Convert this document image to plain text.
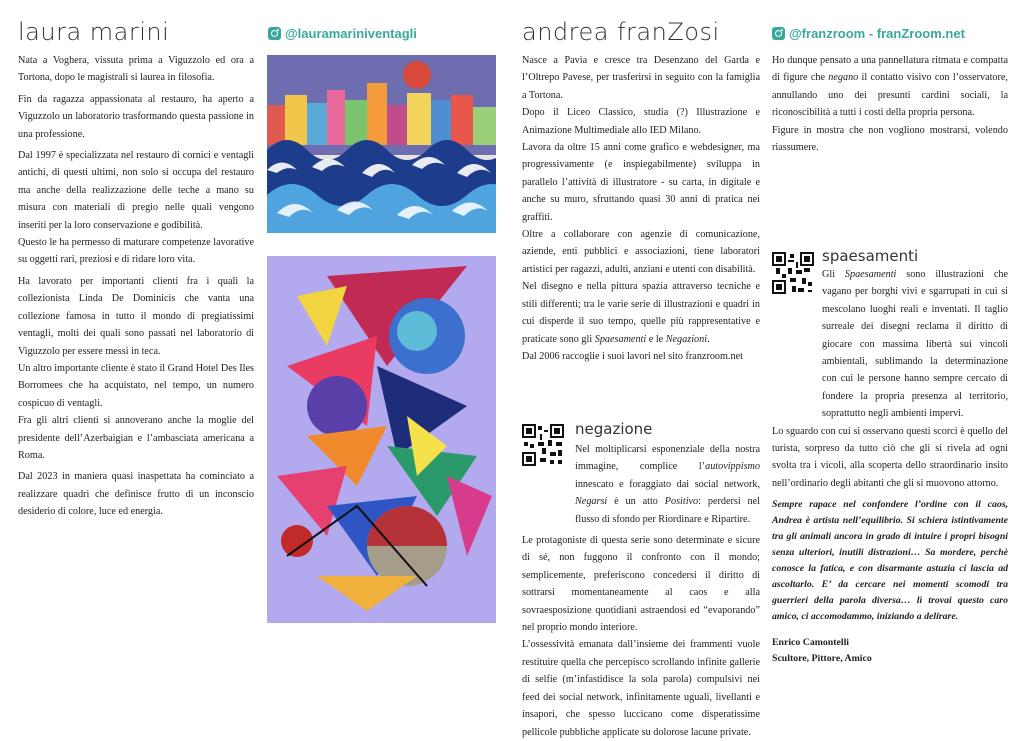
laura marini	@lauramariniventagli

Nata a Voghera, vissuta prima a Viguzzolo ed ora a Tortona, dopo le magistrali si laurea in filosofia.

Fin da ragazza appassionata al restauro, ha aperto a Viguzzolo un laboratorio trasformando questa passione in una professione.

Dal 1997 è specializzata nel restauro di cornici e ventagli antichi, di questi ultimi, non solo si occupa del restauro ma anche della realizzazione delle teche a mano su misura con materiali di pregio nelle quali vengono inseriti per la loro conservazione e godibilità.

Questo le ha permesso di maturare competenze lavorative su oggetti rari, preziosi e di ridare loro vita.

Ha lavorato per importanti clienti fra i quali la collezionista Linda De Dominicis che vanta una collezione famosa in tutto il mondo di pregiatissimi ventagli, molti dei quali sono passati nel laboratorio di Viguzzolo per essere messi in teca.

Un altro importante cliente è stato il Grand Hotel Des Iles Borromees che ha acquistato, nel tempo, un numero cospicuo di ventagli.

Fra gli altri clienti si annoverano anche la moglie del presidente dell’Azerbaigian e l’ambasciata americana a Roma.

Dal 2023 in maniera quasi inaspettata ha cominciato a realizzare quadri che definisce frutto di un inconscio desiderio di colore, luce ed energia.

andrea franZosi	@franzroom - franZroom.net

Nasce a Pavia e cresce tra Desenzano del Garda e l’Oltrepo Pavese, per trasferirsi in seguito con la famiglia a Tortona.

Dopo il Liceo Classico, studia (?) Illustrazione e Animazione Multimediale allo IED Milano.

Lavora da oltre 15 anni come grafico e webdesigner, ma progressivamente (e inspiegabilmente) sviluppa in parallelo l’attività di illustratore - su carta, in digitale e anche su muro, sfruttando quasi 30 anni di pratica nei graffiti.

Oltre a collaborare con agenzie di comunicazione, aziende, enti pubblici e associazioni, tiene laboratori artistici per ragazzi, adulti, anziani e utenti con disabilità.

Nel disegno e nella pittura spazia attraverso tecniche e stili differenti; tra le varie serie di illustrazioni e quadri in cui disperde il suo tempo, quelle più rappresentative e praticate sono gli Spaesamenti e le Negazioni.

Dal 2006 raccoglie i suoi lavori nel sito franzroom.net

negazione

Nel moltiplicarsi esponenziale della nostra immagine, complice l’autovippismo innescato e foraggiato dai social network, Negarsi è un atto Positivo: perdersi nel flusso di sfondo per Riordinare e Ripartire.

Le protagoniste di questa serie sono determinate e sicure di sé, non fuggono il confronto con il mondo; semplicemente, preferiscono concedersi il diritto di sottrarsi momentaneamente al caos e alla sovraesposizione quotidiani astraendosi ed “evaporando” nel proprio mondo interiore.

L’ossessività emanata dall’insieme dei frammenti vuole restituire quella che percepisco scrollando infinite gallerie di selfie (m’infastidisce la sola parola) compulsivi nei feed dei social network, infinitamente uguali, livellanti e insapori, che spesso luccicano come disperatissime pellicole pubbliche applicate su dolorose lacune private.

Ho dunque pensato a una pannellatura ritmata e compatta di figure che negano il contatto visivo con l’osservatore, annullando uno dei presunti cardini sociali, la riconoscibilità a tutti i costi della propria persona.

Figure in mostra che non vogliono mostrarsi, volendo riassumere.

spaesamenti

Gli Spaesamenti sono illustrazioni che vagano per borghi vivi e sgarrupati in cui si mescolano luoghi reali e inventati. Il taglio surreale dei disegni reclama il diritto di giocare con massima libertà sui vincoli ambientali, sublimando la determinazione con cui le persone hanno sempre cercato di fondere la propria presenza al territorio, soprattutto negli ambienti impervi.

Lo sguardo con cui si osservano questi scorci è quello del turista, sorpreso da tutto ciò che gli si rivela ad ogni svolta tra i vicoli, alla scoperta dello straordinario insito nell’ordinario degli abitanti che gli si muovono attorno.

Sempre rapace nel confondere l’ordine con il caos, Andrea è artista nell’equilibrio. Si schiera istintivamente tra gli animali ancora in grado di intuire i propri bisogni senza ulteriori, inutili distrazioni… Sa mordere, perchè conosce la fatica, e con disarmante astuzia ci lascia ad ascoltarlo. E’ da cercare nei momenti scomodi tra guerrieri della parola diversa… lì trovai questo caro amico, ci accomodammo, iniziando a delirare.

Enrico Camontelli

Scultore, Pittore, Amico
